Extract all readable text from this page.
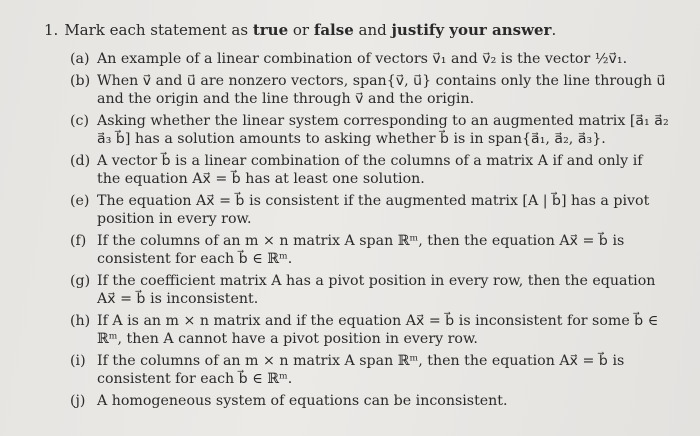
1. Mark each statement as true or false and justify your answer.
(a) An example of a linear combination of vectors v⃗₁ and v⃗₂ is the vector ½v⃗₁.
(b) When v⃗ and u⃗ are nonzero vectors, span{v⃗, u⃗} contains only the line through u⃗ and the origin and the line through v⃗ and the origin.
(c) Asking whether the linear system corresponding to an augmented matrix [a⃗₁ a⃗₂ a⃗₃ b⃗] has a solution amounts to asking whether b⃗ is in span{a⃗₁, a⃗₂, a⃗₃}.
(d) A vector b⃗ is a linear combination of the columns of a matrix A if and only if the equation Ax⃗ = b⃗ has at least one solution.
(e) The equation Ax⃗ = b⃗ is consistent if the augmented matrix [A | b⃗] has a pivot position in every row.
(f) If the columns of an m × n matrix A span ℝᵐ, then the equation Ax⃗ = b⃗ is consistent for each b⃗ ∈ ℝᵐ.
(g) If the coefficient matrix A has a pivot position in every row, then the equation Ax⃗ = b⃗ is inconsistent.
(h) If A is an m × n matrix and if the equation Ax⃗ = b⃗ is inconsistent for some b⃗ ∈ ℝᵐ, then A cannot have a pivot position in every row.
(i) If the columns of an m × n matrix A span ℝᵐ, then the equation Ax⃗ = b⃗ is consistent for each b⃗ ∈ ℝᵐ.
(j) A homogeneous system of equations can be inconsistent.
